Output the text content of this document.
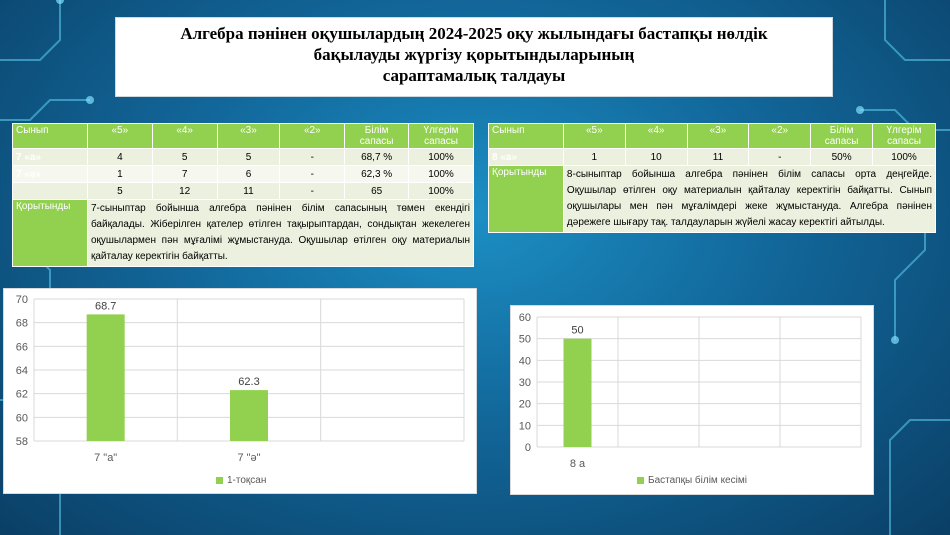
Алгебра пәнінен оқушылардың 2024-2025 оқу жылындағы бастапқы нөлдік
бақылауды жүргізу қорытындыларының
сараптамалық талдауы
Сынып	«5»	«4»	«3»	«2»	Білім сапасы	Үлгерім сапасы
7 «а»	4	5	5	-	68,7 %	100%
7 «ә»	1	7	6	-	62,3 %	100%
	5	12	11	-	65	100%
Қорытынды	7-сыныптар бойынша алгебра пәнінен білім сапасының төмен екендігі байқалады. Жіберілген қателер өтілген тақырыптардан, сондықтан жекелеген оқушылармен пән мұғалімі жұмыстануда. Оқушылар өтілген оқу материалын қайталау керектігін байқатты.					
Сынып	«5»	«4»	«3»	«2»	Білім сапасы	Үлгерім сапасы
8 «а»	1	10	11	-	50%	100%
Қорытынды	8-сыныптар бойынша алгебра пәнінен білім сапасы орта деңгейде. Оқушылар өтілген оқу материалын қайталау керектігін байқатты. Сынып оқушылары мен пән мұғалімдері жеке жұмыстануда. Алгебра пәнінен дәрежеге шығару тақ. талдауларын жүйелі жасау керектігі айтылды.					
70
68
66
64
62
60
58
68.7
7 "а"
62.3
7 "ә"
1-тоқсан
60
50
40
30
20
10
0
50
8 а
Бастапқы білім кесімі
